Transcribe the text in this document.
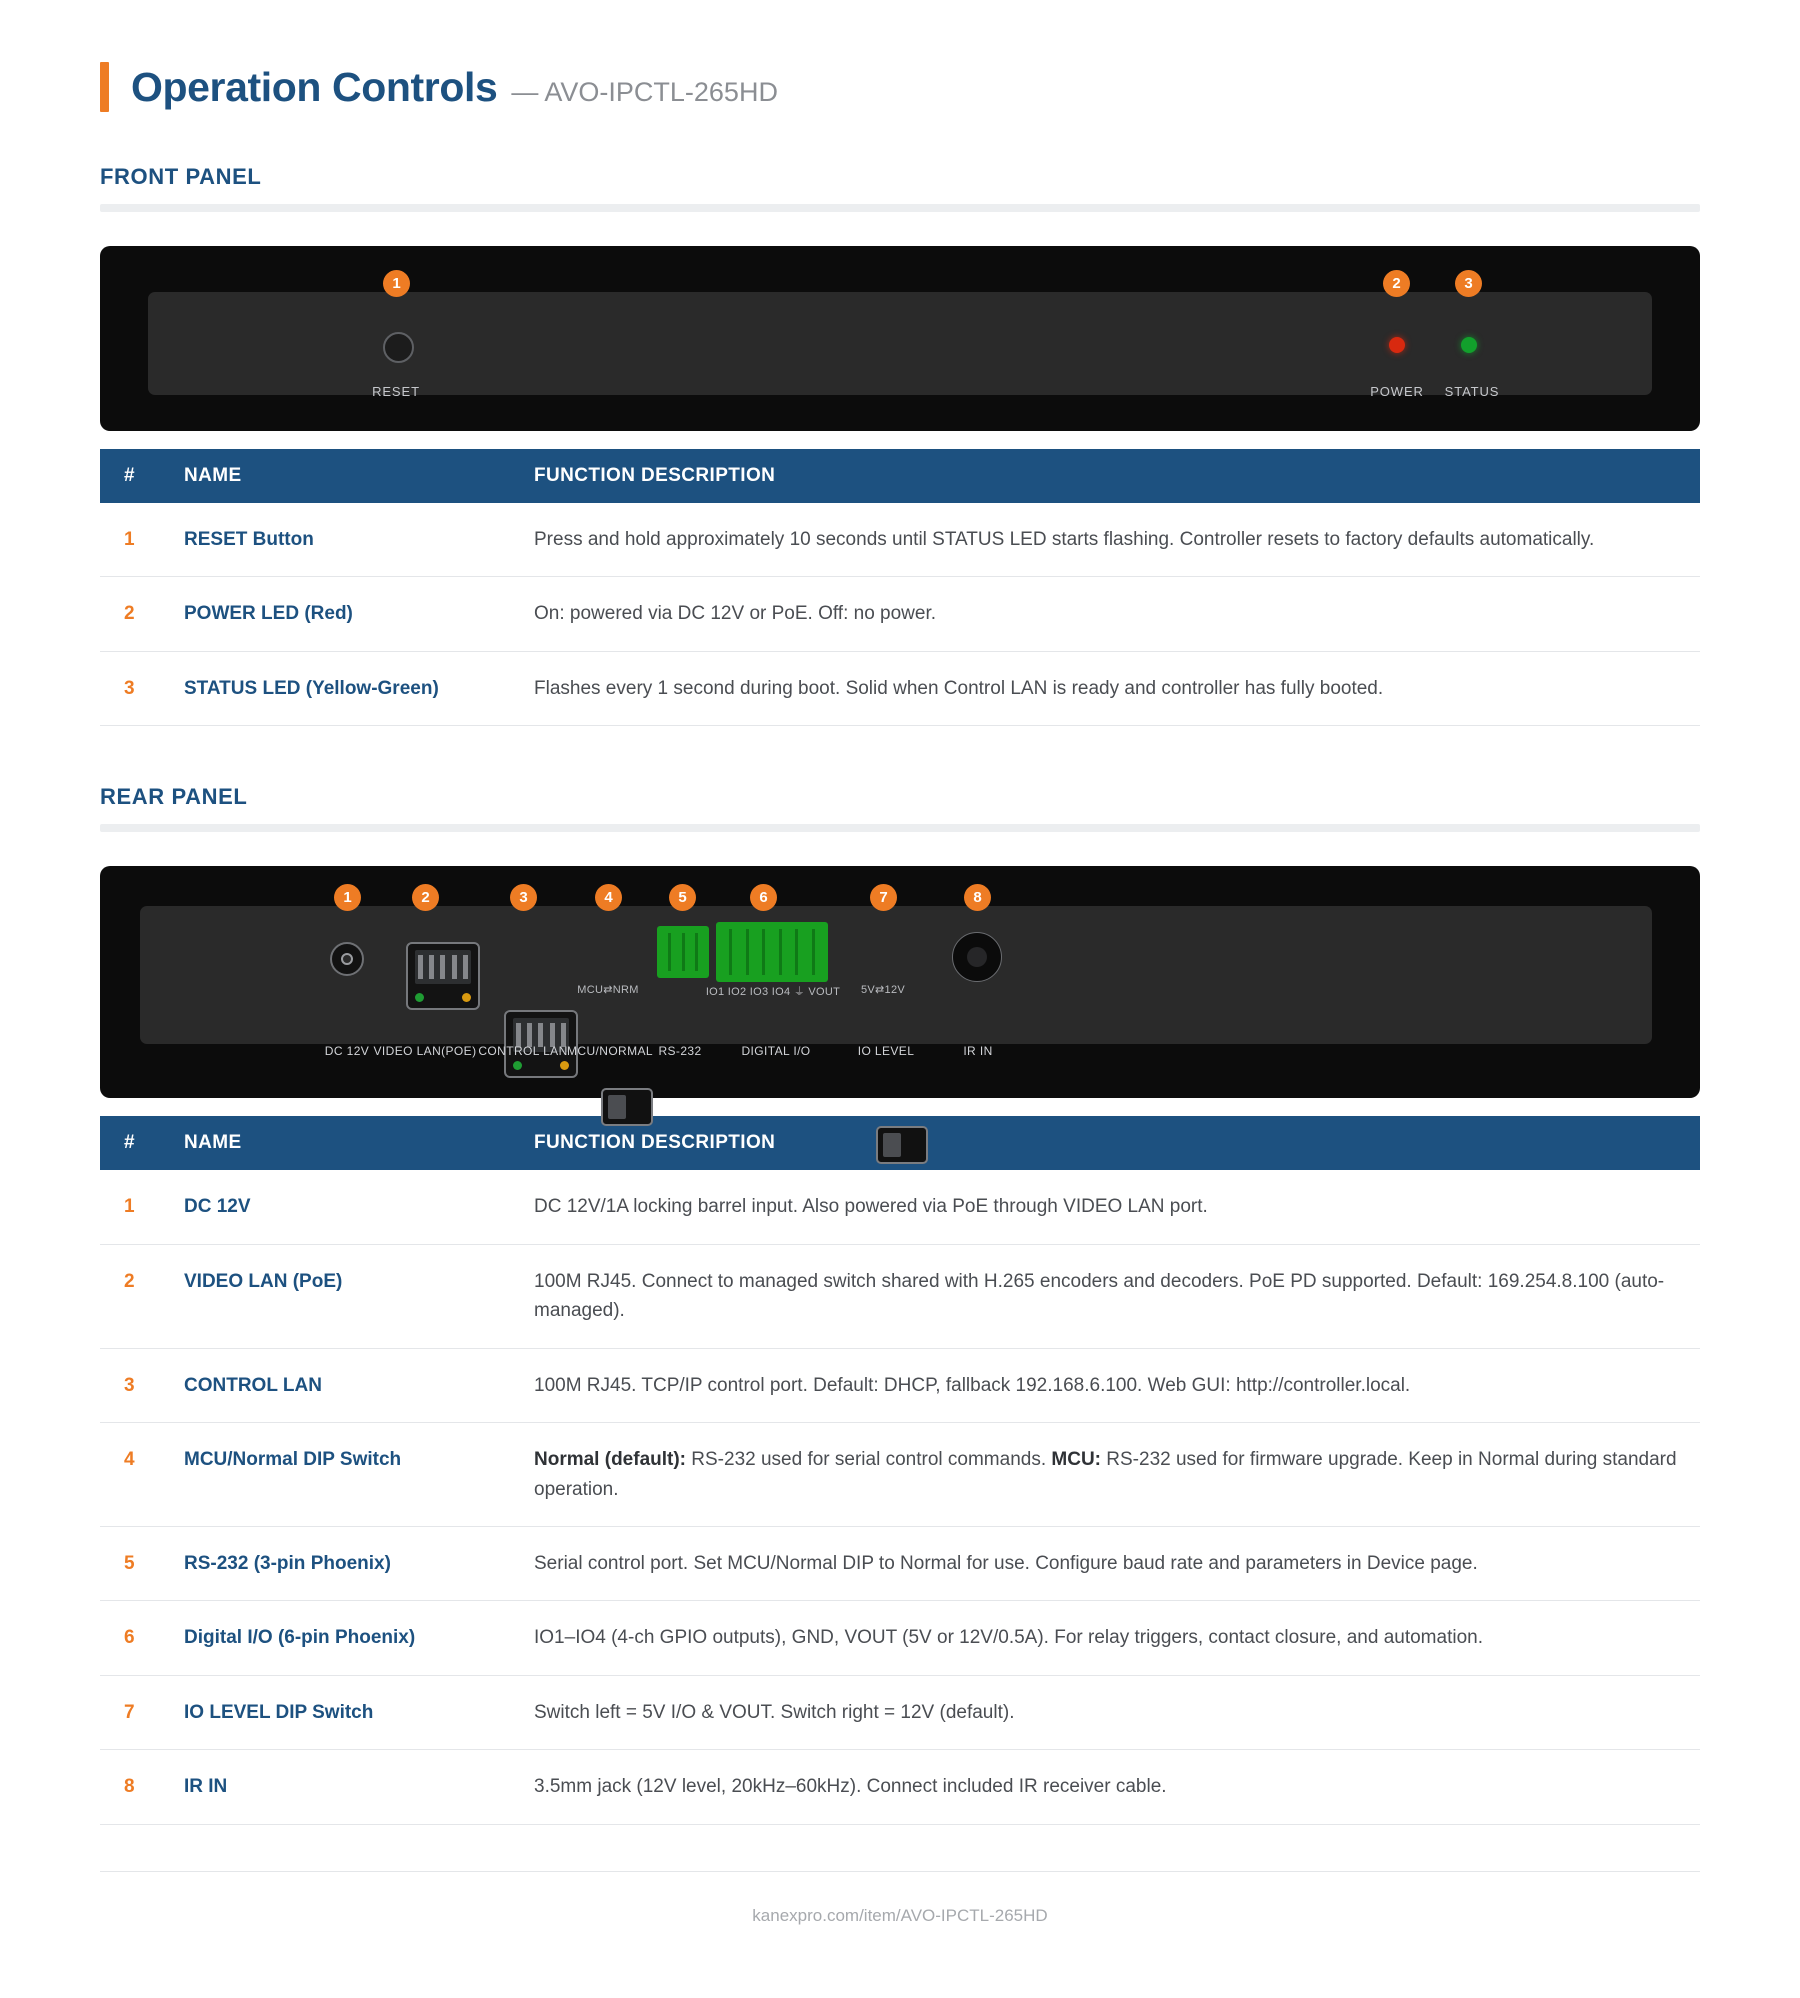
Operation Controls — AVO-IPCTL-265HD
FRONT PANEL
1
RESET
2
POWER
3
STATUS
#	NAME	FUNCTION DESCRIPTION
1	RESET Button	Press and hold approximately 10 seconds until STATUS LED starts flashing. Controller resets to factory defaults automatically.
2	POWER LED (Red)	On: powered via DC 12V or PoE. Off: no power.
3	STATUS LED (Yellow-Green)	Flashes every 1 second during boot. Solid when Control LAN is ready and controller has fully booted.
REAR PANEL
1
DC 12V
2
VIDEO LAN(POE)
3
CONTROL LAN
4
MCU⇄NRM
MCU/NORMAL
5
RS-232
6
IO1 IO2 IO3 IO4 ⏚ VOUT
DIGITAL I/O
7
5V⇄12V
IO LEVEL
8
IR IN
#	NAME	FUNCTION DESCRIPTION
1	DC 12V	DC 12V/1A locking barrel input. Also powered via PoE through VIDEO LAN port.
2	VIDEO LAN (PoE)	100M RJ45. Connect to managed switch shared with H.265 encoders and decoders. PoE PD supported. Default: 169.254.8.100 (auto-managed).
3	CONTROL LAN	100M RJ45. TCP/IP control port. Default: DHCP, fallback 192.168.6.100. Web GUI: http://controller.local.
4	MCU/Normal DIP Switch	Normal (default): RS-232 used for serial control commands. MCU: RS-232 used for firmware upgrade. Keep in Normal during standard operation.
5	RS-232 (3-pin Phoenix)	Serial control port. Set MCU/Normal DIP to Normal for use. Configure baud rate and parameters in Device page.
6	Digital I/O (6-pin Phoenix)	IO1–IO4 (4-ch GPIO outputs), GND, VOUT (5V or 12V/0.5A). For relay triggers, contact closure, and automation.
7	IO LEVEL DIP Switch	Switch left = 5V I/O & VOUT. Switch right = 12V (default).
8	IR IN	3.5mm jack (12V level, 20kHz–60kHz). Connect included IR receiver cable.
kanexpro.com/item/AVO-IPCTL-265HD
